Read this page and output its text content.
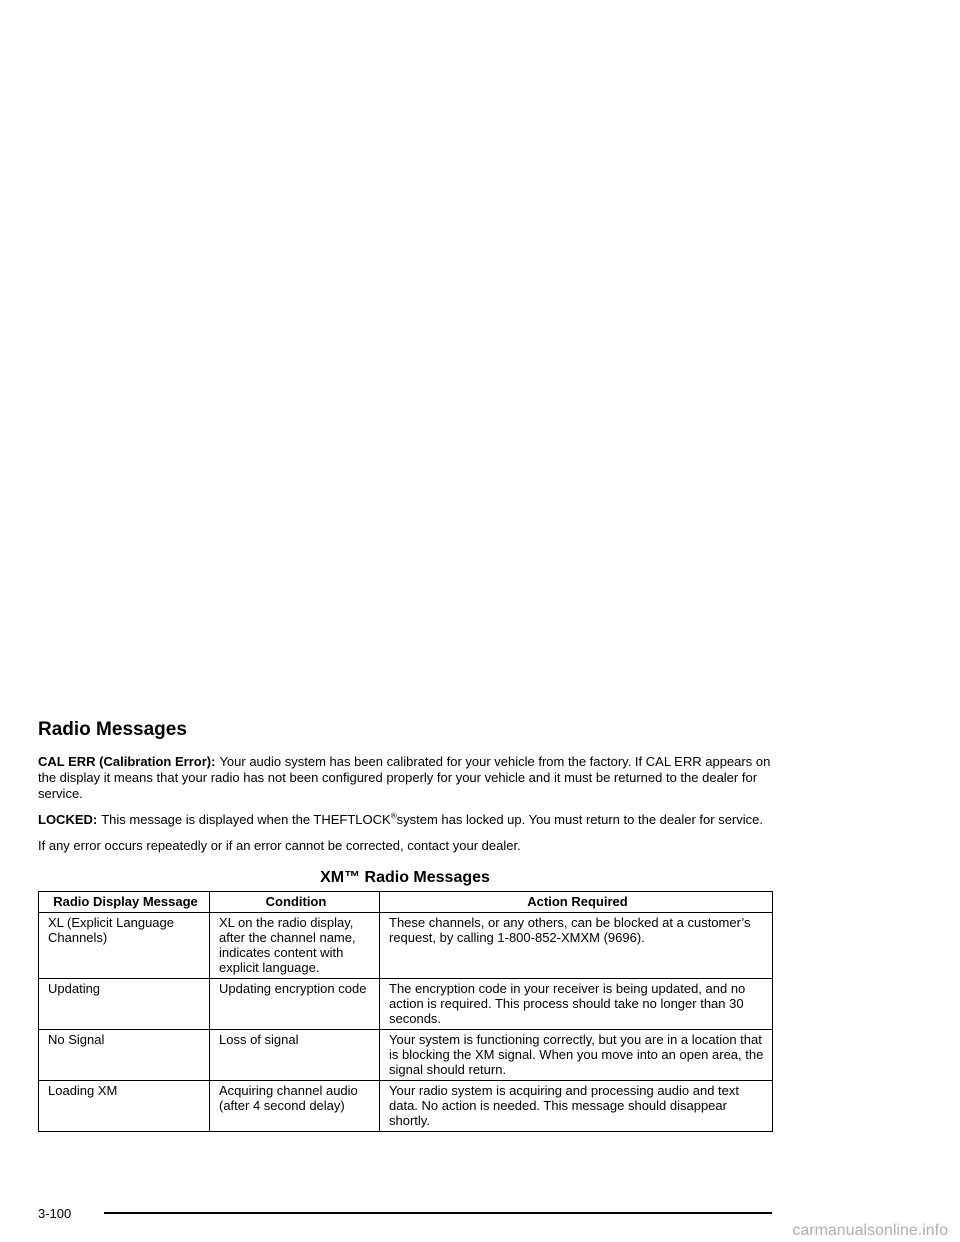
Radio Messages

CAL ERR (Calibration Error): Your audio system has been calibrated for your vehicle from the factory. If CAL ERR appears on the display it means that your radio has not been configured properly for your vehicle and it must be returned to the dealer for service.

LOCKED: This message is displayed when the THEFTLOCK®system has locked up. You must return to the dealer for service.

If any error occurs repeatedly or if an error cannot be corrected, contact your dealer.

XM™ Radio Messages
Radio Display Message	Condition	Action Required
XL (Explicit Language Channels)	XL on the radio display, after the channel name, indicates content with explicit language.	These channels, or any others, can be blocked at a customer’s request, by calling 1-800-852-XMXM (9696).
Updating	Updating encryption code	The encryption code in your receiver is being updated, and no action is required. This process should take no longer than 30 seconds.
No Signal	Loss of signal	Your system is functioning correctly, but you are in a location that is blocking the XM signal. When you move into an open area, the signal should return.
Loading XM	Acquiring channel audio (after 4 second delay)	Your radio system is acquiring and processing audio and text data. No action is needed. This message should disappear shortly.
3-100
carmanualsonline.info
